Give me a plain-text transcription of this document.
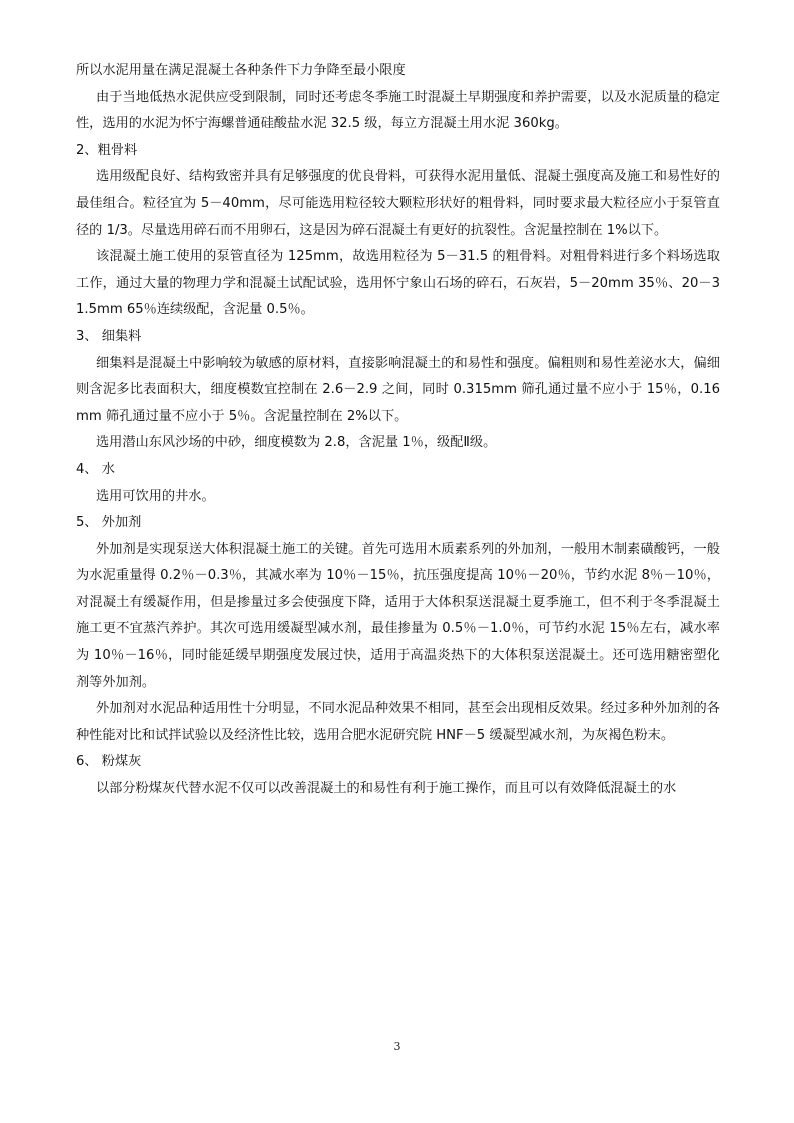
所以水泥用量在满足混凝土各种条件下力争降至最小限度

由于当地低热水泥供应受到限制，同时还考虑冬季施工时混凝土早期强度和养护需要，以及水泥质量的稳定性，选用的水泥为怀宁海螺普通硅酸盐水泥 32.5 级，每立方混凝土用水泥 360kg。

2、粗骨料

选用级配良好、结构致密并具有足够强度的优良骨料，可获得水泥用量低、混凝土强度高及施工和易性好的最佳组合。粒径宜为 5－40mm，尽可能选用粒径较大颗粒形状好的粗骨料，同时要求最大粒径应小于泵管直径的 1/3。尽量选用碎石而不用卵石，这是因为碎石混凝土有更好的抗裂性。含泥量控制在 1%以下。

该混凝土施工使用的泵管直径为 125mm，故选用粒径为 5－31.5 的粗骨料。对粗骨料进行多个料场选取工作，通过大量的物理力学和混凝土试配试验，选用怀宁象山石场的碎石，石灰岩，5－20mm 35％、20－31.5mm 65％连续级配，含泥量 0.5％。

3、 细集料

细集料是混凝土中影响较为敏感的原材料，直接影响混凝土的和易性和强度。偏粗则和易性差泌水大，偏细则含泥多比表面积大，细度模数宜控制在 2.6－2.9 之间，同时 0.315mm 筛孔通过量不应小于 15％，0.16mm 筛孔通过量不应小于 5％。含泥量控制在 2%以下。

选用潜山东风沙场的中砂，细度模数为 2.8，含泥量 1％，级配Ⅱ级。

4、 水

选用可饮用的井水。

5、 外加剂

外加剂是实现泵送大体积混凝土施工的关键。首先可选用木质素系列的外加剂，一般用木制素磺酸钙，一般为水泥重量得 0.2％－0.3％，其减水率为 10％－15％，抗压强度提高 10％－20％，节约水泥 8％－10％，对混凝土有缓凝作用，但是掺量过多会使强度下降，适用于大体积泵送混凝土夏季施工，但不利于冬季混凝土施工更不宜蒸汽养护。其次可选用缓凝型减水剂，最佳掺量为 0.5％－1.0％，可节约水泥 15％左右，减水率为 10％－16％，同时能延缓早期强度发展过快，适用于高温炎热下的大体积泵送混凝土。还可选用糖密塑化剂等外加剂。

外加剂对水泥品种适用性十分明显，不同水泥品种效果不相同，甚至会出现相反效果。经过多种外加剂的各种性能对比和试拌试验以及经济性比较，选用合肥水泥研究院 HNF－5 缓凝型减水剂，为灰褐色粉末。

6、 粉煤灰

以部分粉煤灰代替水泥不仅可以改善混凝土的和易性有利于施工操作，而且可以有效降低混凝土的水

3
